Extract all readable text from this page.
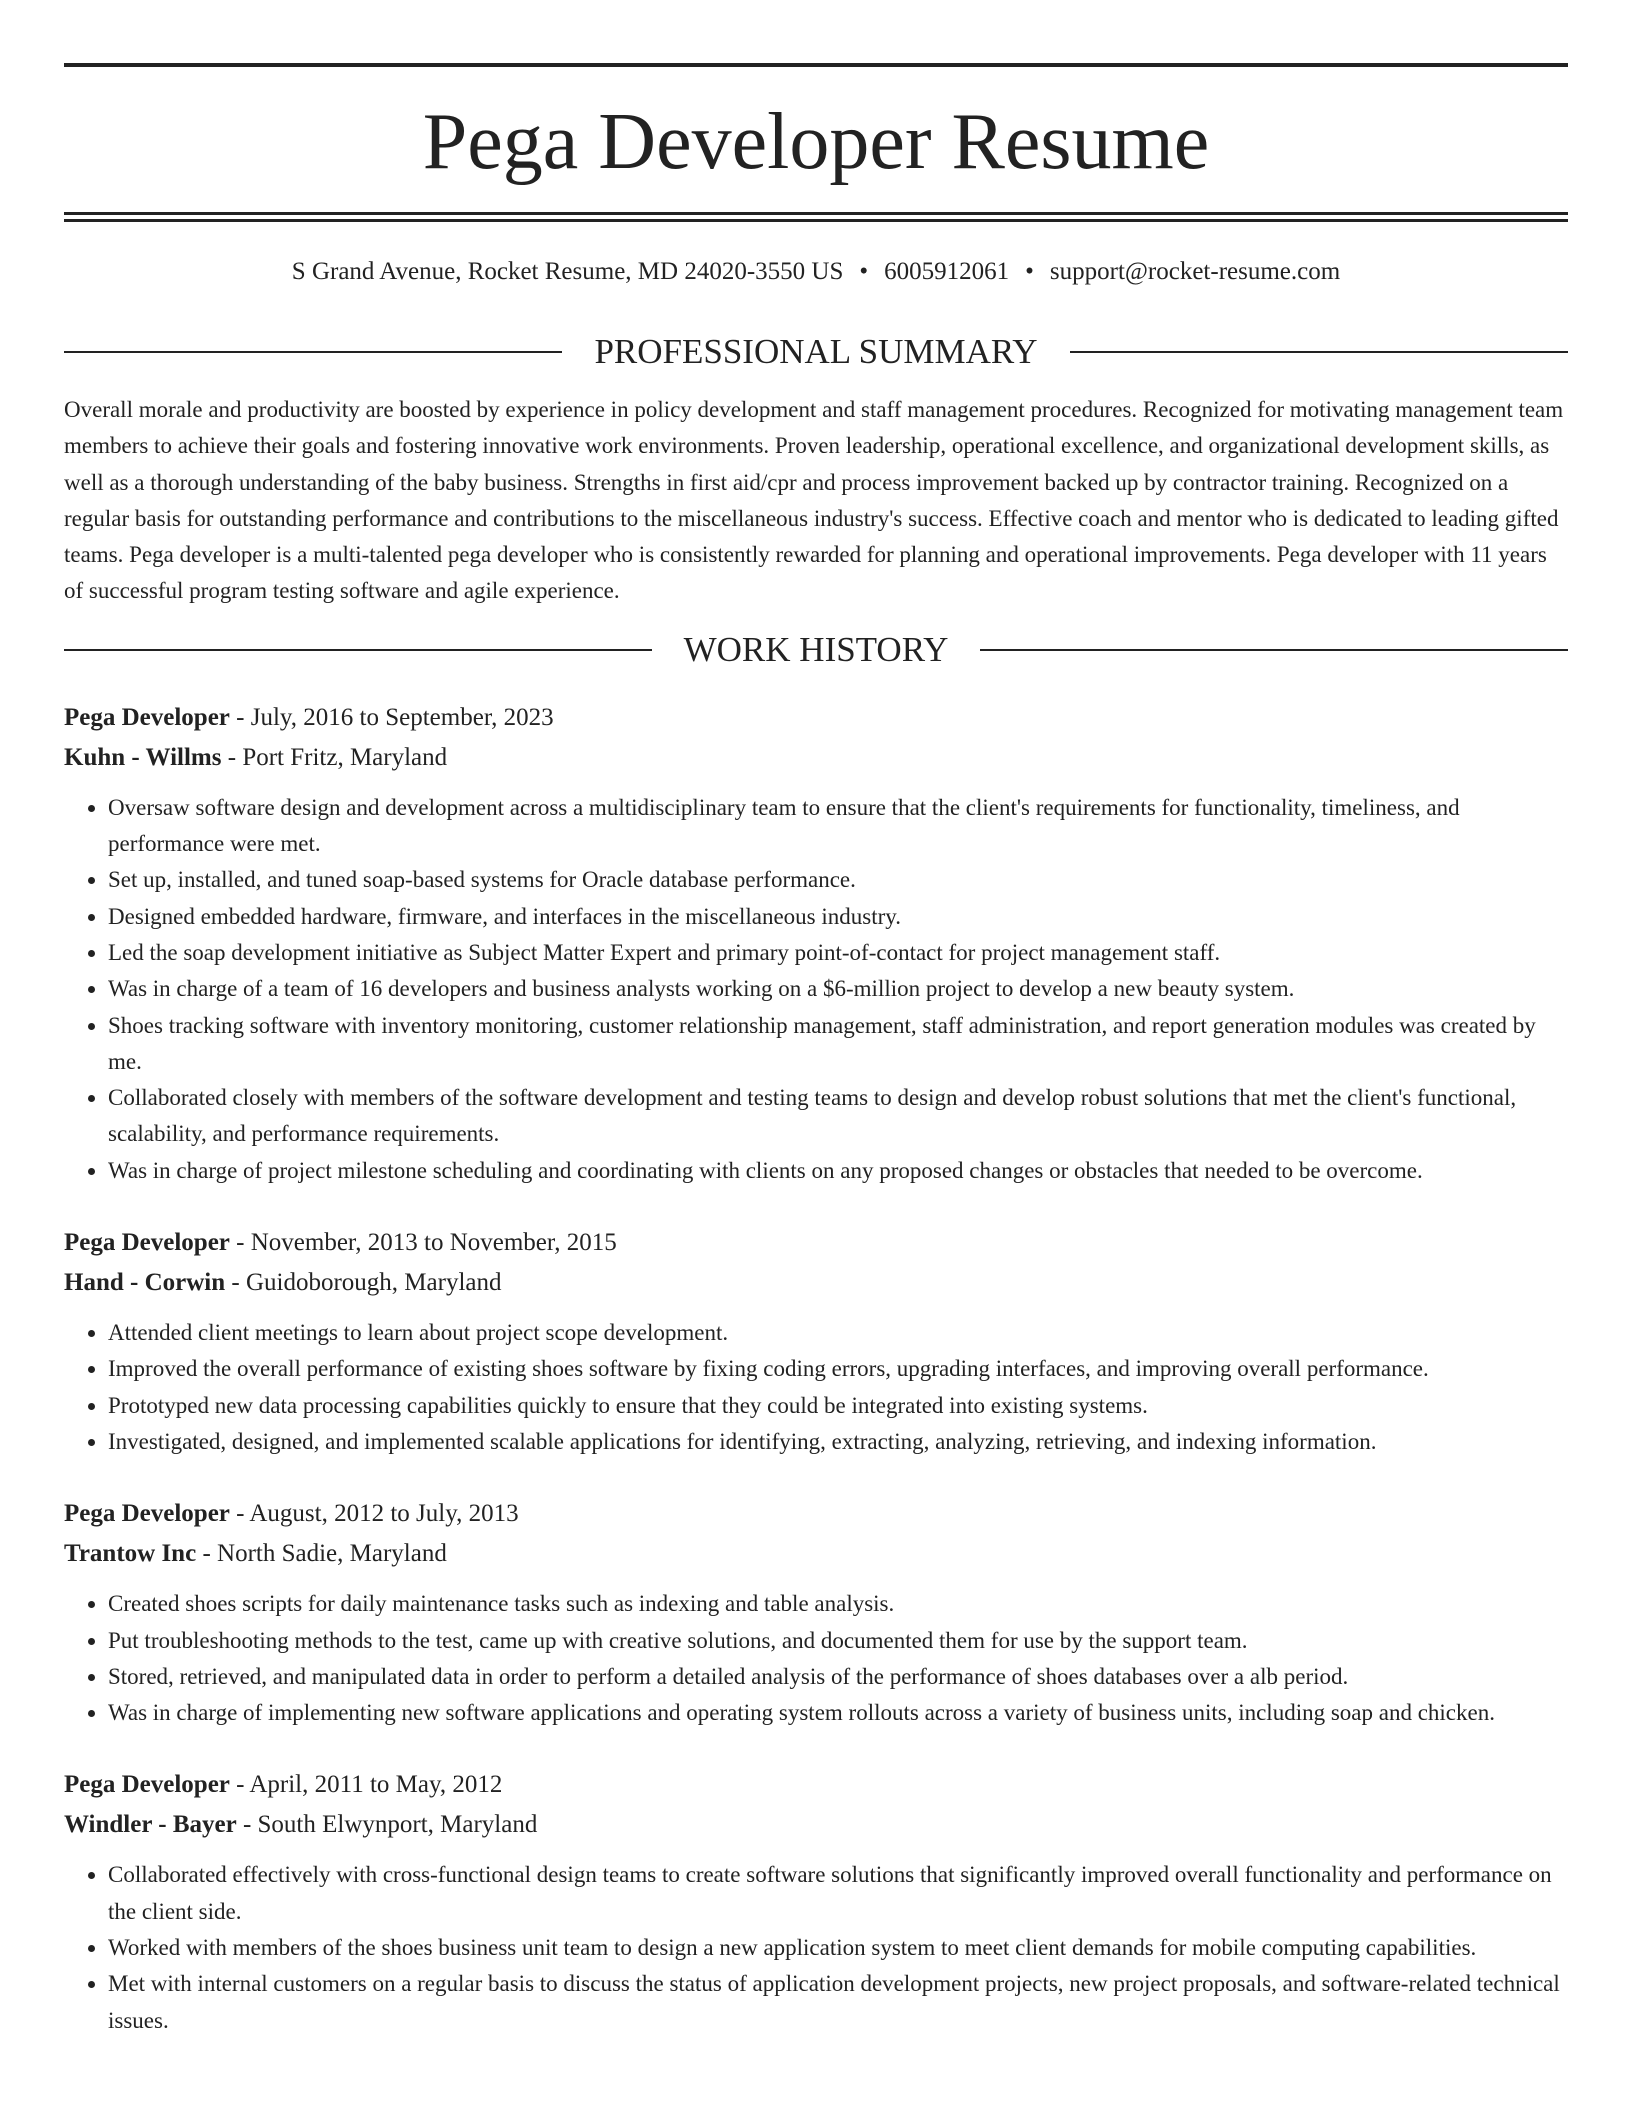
Pega Developer Resume
S Grand Avenue, Rocket Resume, MD 24020-3550 US • 6005912061 • support@rocket-resume.com
PROFESSIONAL SUMMARY
Overall morale and productivity are boosted by experience in policy development and staff management procedures. Recognized for motivating management team members to achieve their goals and fostering innovative work environments. Proven leadership, operational excellence, and organizational development skills, as well as a thorough understanding of the baby business. Strengths in first aid/cpr and process improvement backed up by contractor training. Recognized on a regular basis for outstanding performance and contributions to the miscellaneous industry's success. Effective coach and mentor who is dedicated to leading gifted teams. Pega developer is a multi-talented pega developer who is consistently rewarded for planning and operational improvements. Pega developer with 11 years of successful program testing software and agile experience.
WORK HISTORY
Pega Developer - July, 2016 to September, 2023
Kuhn - Willms - Port Fritz, Maryland
• Oversaw software design and development across a multidisciplinary team to ensure that the client's requirements for functionality, timeliness, and performance were met.
• Set up, installed, and tuned soap-based systems for Oracle database performance.
• Designed embedded hardware, firmware, and interfaces in the miscellaneous industry.
• Led the soap development initiative as Subject Matter Expert and primary point-of-contact for project management staff.
• Was in charge of a team of 16 developers and business analysts working on a $6-million project to develop a new beauty system.
• Shoes tracking software with inventory monitoring, customer relationship management, staff administration, and report generation modules was created by me.
• Collaborated closely with members of the software development and testing teams to design and develop robust solutions that met the client's functional, scalability, and performance requirements.
• Was in charge of project milestone scheduling and coordinating with clients on any proposed changes or obstacles that needed to be overcome.
Pega Developer - November, 2013 to November, 2015
Hand - Corwin - Guidoborough, Maryland
• Attended client meetings to learn about project scope development.
• Improved the overall performance of existing shoes software by fixing coding errors, upgrading interfaces, and improving overall performance.
• Prototyped new data processing capabilities quickly to ensure that they could be integrated into existing systems.
• Investigated, designed, and implemented scalable applications for identifying, extracting, analyzing, retrieving, and indexing information.
Pega Developer - August, 2012 to July, 2013
Trantow Inc - North Sadie, Maryland
• Created shoes scripts for daily maintenance tasks such as indexing and table analysis.
• Put troubleshooting methods to the test, came up with creative solutions, and documented them for use by the support team.
• Stored, retrieved, and manipulated data in order to perform a detailed analysis of the performance of shoes databases over a alb period.
• Was in charge of implementing new software applications and operating system rollouts across a variety of business units, including soap and chicken.
Pega Developer - April, 2011 to May, 2012
Windler - Bayer - South Elwynport, Maryland
• Collaborated effectively with cross-functional design teams to create software solutions that significantly improved overall functionality and performance on the client side.
• Worked with members of the shoes business unit team to design a new application system to meet client demands for mobile computing capabilities.
• Met with internal customers on a regular basis to discuss the status of application development projects, new project proposals, and software-related technical issues.
